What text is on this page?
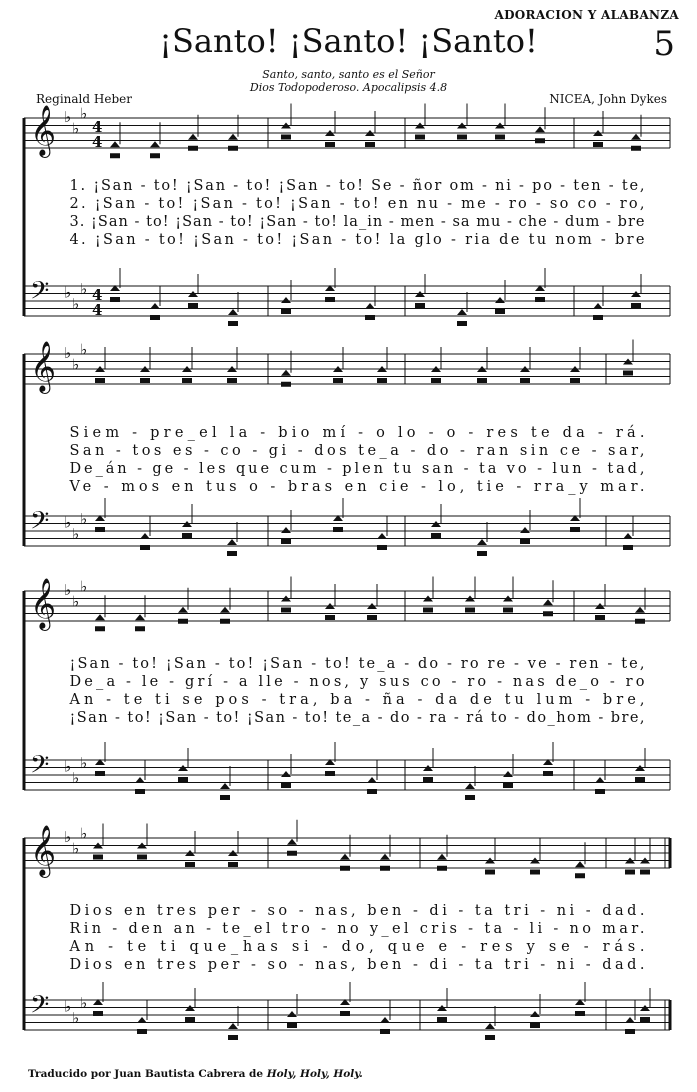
ADORACION Y ALABANZA
5
¡Santo! ¡Santo! ¡Santo!
Santo, santo, santo es el Señor
Dios Todopoderoso. Apocalipsis 4.8
Reginald Heber	NICEA, John Dykes
𝄞 ♭
♭
♭
4
4
𝄢 ♭
♭
♭ 4
4
1. ¡San - to! ¡San - to! ¡San - to! Se - ñor om - ni - po - ten - te,
2. ¡San - to! ¡San - to! ¡San - to! en nu - me - ro - so co - ro,
3. ¡San - to! ¡San - to! ¡San - to! la_in - men - sa mu - che - dum - bre
4. ¡San - to! ¡San - to! ¡San - to! la glo - ria de tu nom - bre
𝄞 ♭
♭
♭
𝄢 ♭
♭
♭
Siem - pre_el la - bio mí - o lo - o - res te da - rá.
San - tos es - co - gi - dos te_a - do - ran sin ce - sar,
De_án - ge - les que cum - plen tu san - ta vo - lun - tad,
Ve - mos en tus o - bras en cie - lo, tie - rra_y mar.
𝄞 ♭
♭
♭
𝄢 ♭
♭
♭
¡San - to! ¡San - to! ¡San - to! te_a - do - ro re - ve - ren - te,
De_a - le - grí - a lle - nos, y sus co - ro - nas de_o - ro
An - te ti se pos - tra, ba - ña - da de tu lum - bre,
¡San - to! ¡San - to! ¡San - to! te_a - do - ra - rá to - do_hom - bre,
𝄞 ♭
♭
♭
𝄢 ♭
♭
♭
Dios en tres per - so - nas, ben - di - ta tri - ni - dad.
Rin - den an - te_el tro - no y_el cris - ta - li - no mar.
An - te ti que_has si - do, que e - res y se - rás.
Dios en tres per - so - nas, ben - di - ta tri - ni - dad.
Traducido por Juan Bautista Cabrera de Holy, Holy, Holy.
